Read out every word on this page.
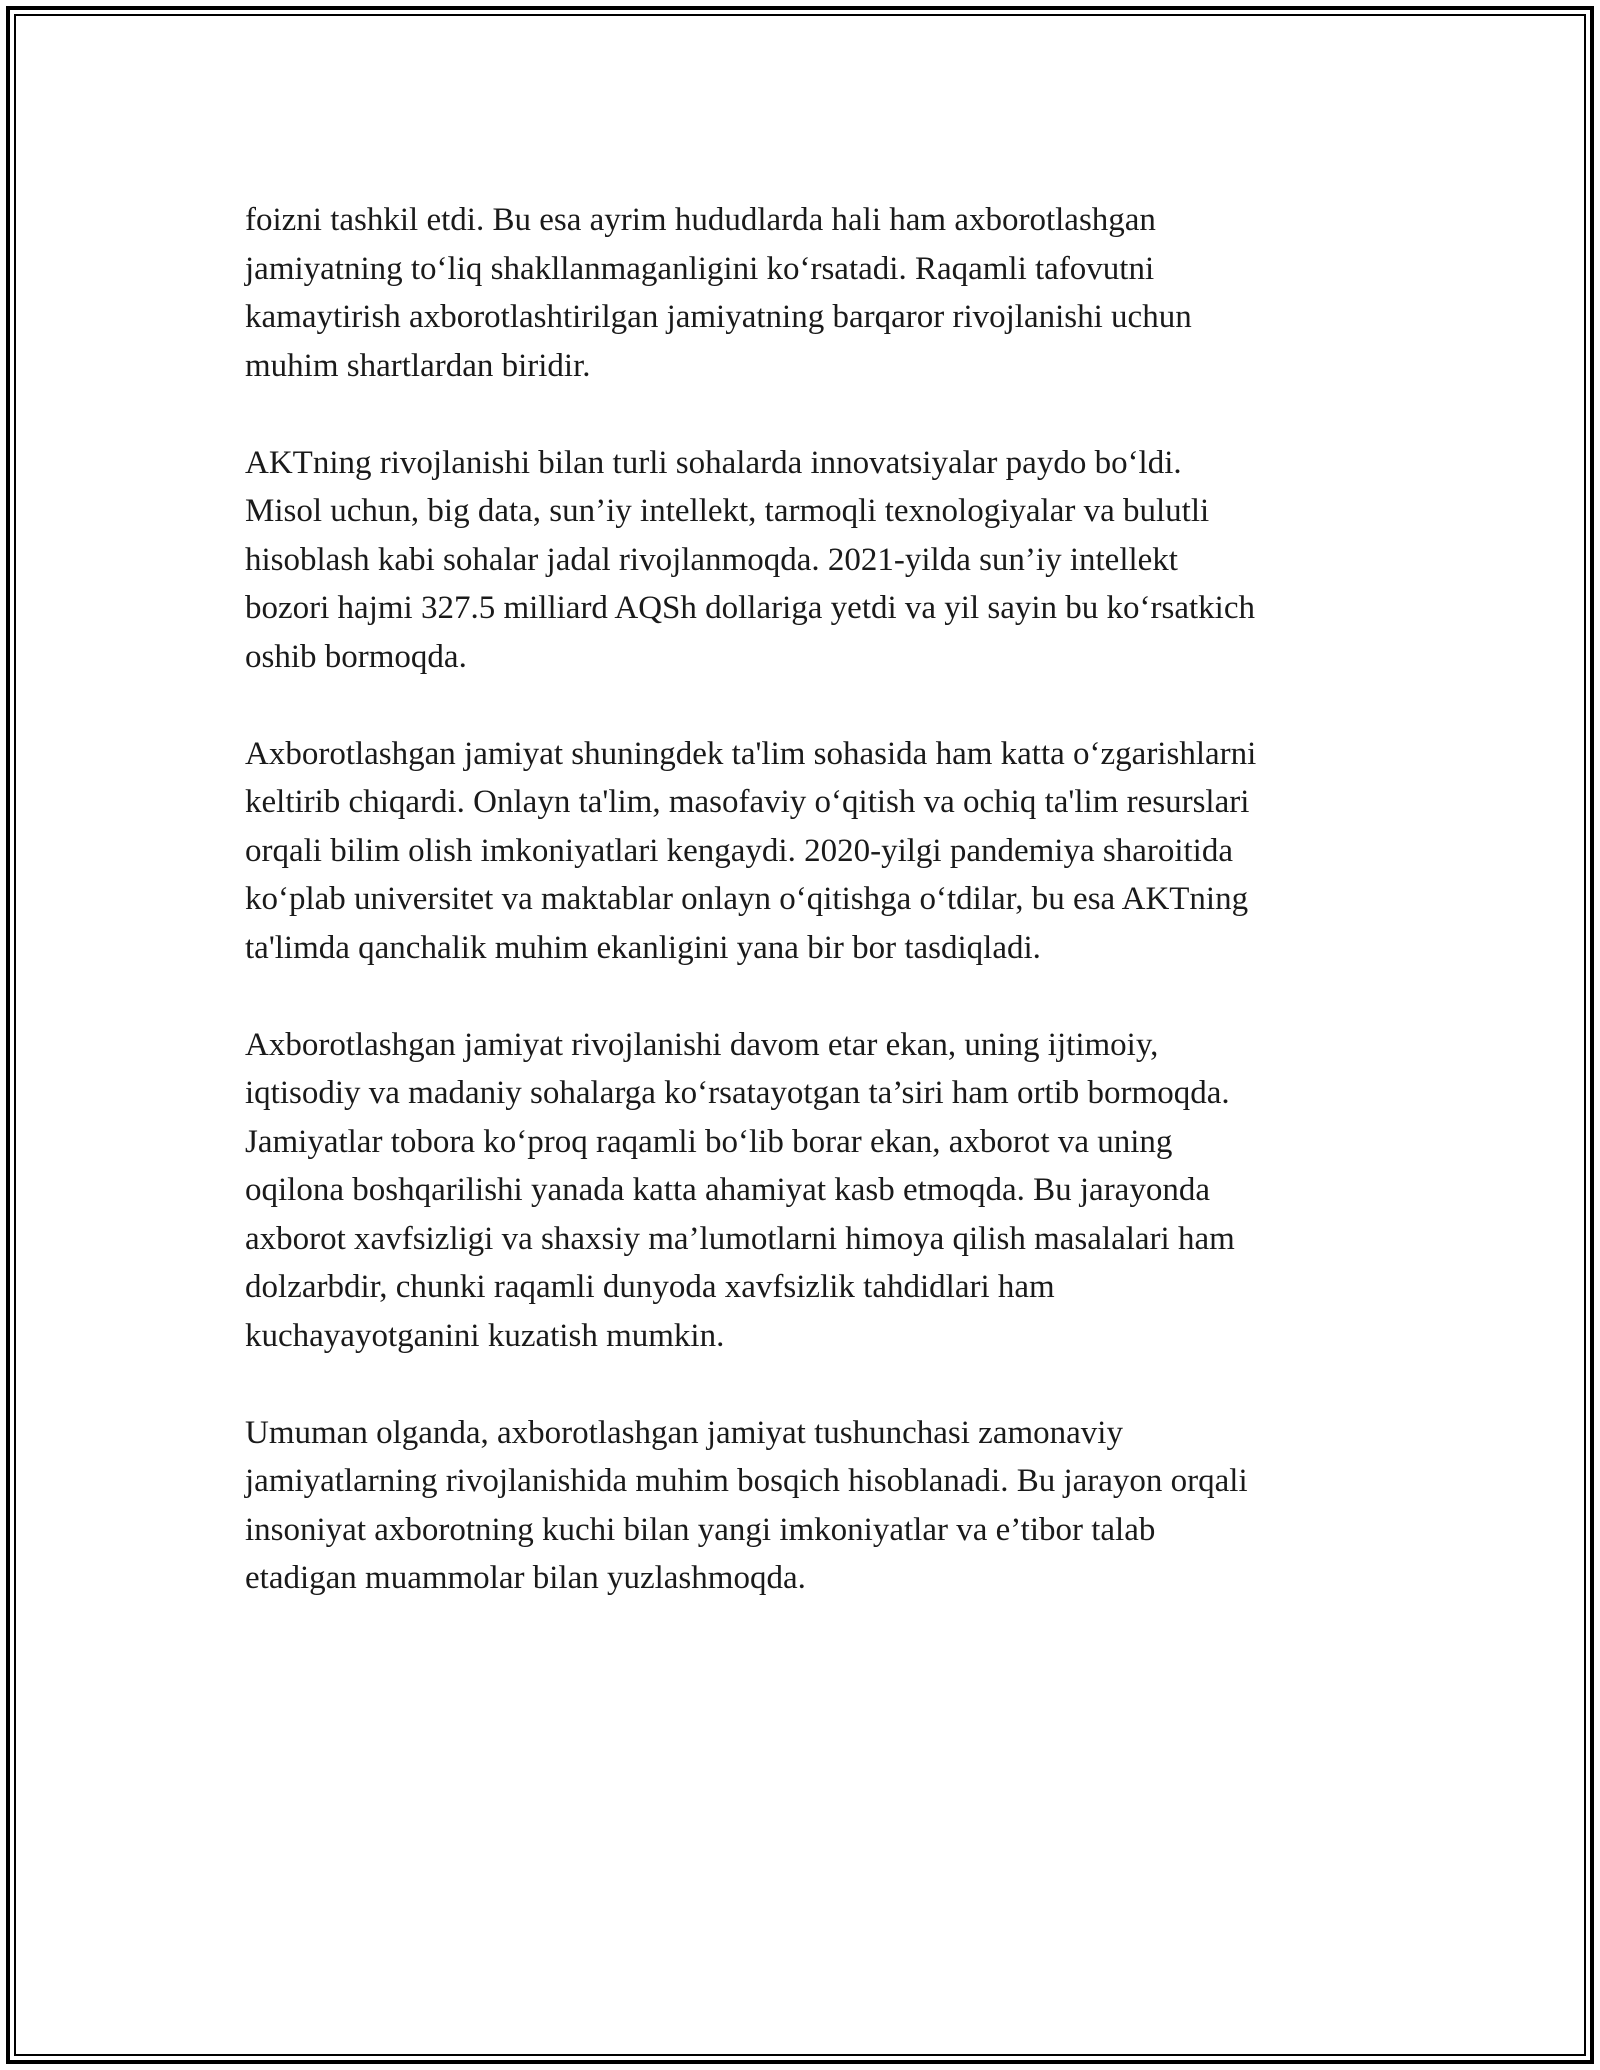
foizni tashkil etdi. Bu esa ayrim hududlarda hali ham axborotlashgan
jamiyatning to‘liq shakllanmaganligini ko‘rsatadi. Raqamli tafovutni
kamaytirish axborotlashtirilgan jamiyatning barqaror rivojlanishi uchun
muhim shartlardan biridir.

AKTning rivojlanishi bilan turli sohalarda innovatsiyalar paydo bo‘ldi.
Misol uchun, big data, sun’iy intellekt, tarmoqli texnologiyalar va bulutli
hisoblash kabi sohalar jadal rivojlanmoqda. 2021-yilda sun’iy intellekt
bozori hajmi 327.5 milliard AQSh dollariga yetdi va yil sayin bu ko‘rsatkich
oshib bormoqda.

Axborotlashgan jamiyat shuningdek ta'lim sohasida ham katta o‘zgarishlarni
keltirib chiqardi. Onlayn ta'lim, masofaviy o‘qitish va ochiq ta'lim resurslari
orqali bilim olish imkoniyatlari kengaydi. 2020-yilgi pandemiya sharoitida
ko‘plab universitet va maktablar onlayn o‘qitishga o‘tdilar, bu esa AKTning
ta'limda qanchalik muhim ekanligini yana bir bor tasdiqladi.

Axborotlashgan jamiyat rivojlanishi davom etar ekan, uning ijtimoiy,
iqtisodiy va madaniy sohalarga ko‘rsatayotgan ta’siri ham ortib bormoqda.
Jamiyatlar tobora ko‘proq raqamli bo‘lib borar ekan, axborot va uning
oqilona boshqarilishi yanada katta ahamiyat kasb etmoqda. Bu jarayonda
axborot xavfsizligi va shaxsiy ma’lumotlarni himoya qilish masalalari ham
dolzarbdir, chunki raqamli dunyoda xavfsizlik tahdidlari ham
kuchayayotganini kuzatish mumkin.

Umuman olganda, axborotlashgan jamiyat tushunchasi zamonaviy
jamiyatlarning rivojlanishida muhim bosqich hisoblanadi. Bu jarayon orqali
insoniyat axborotning kuchi bilan yangi imkoniyatlar va e’tibor talab
etadigan muammolar bilan yuzlashmoqda.
